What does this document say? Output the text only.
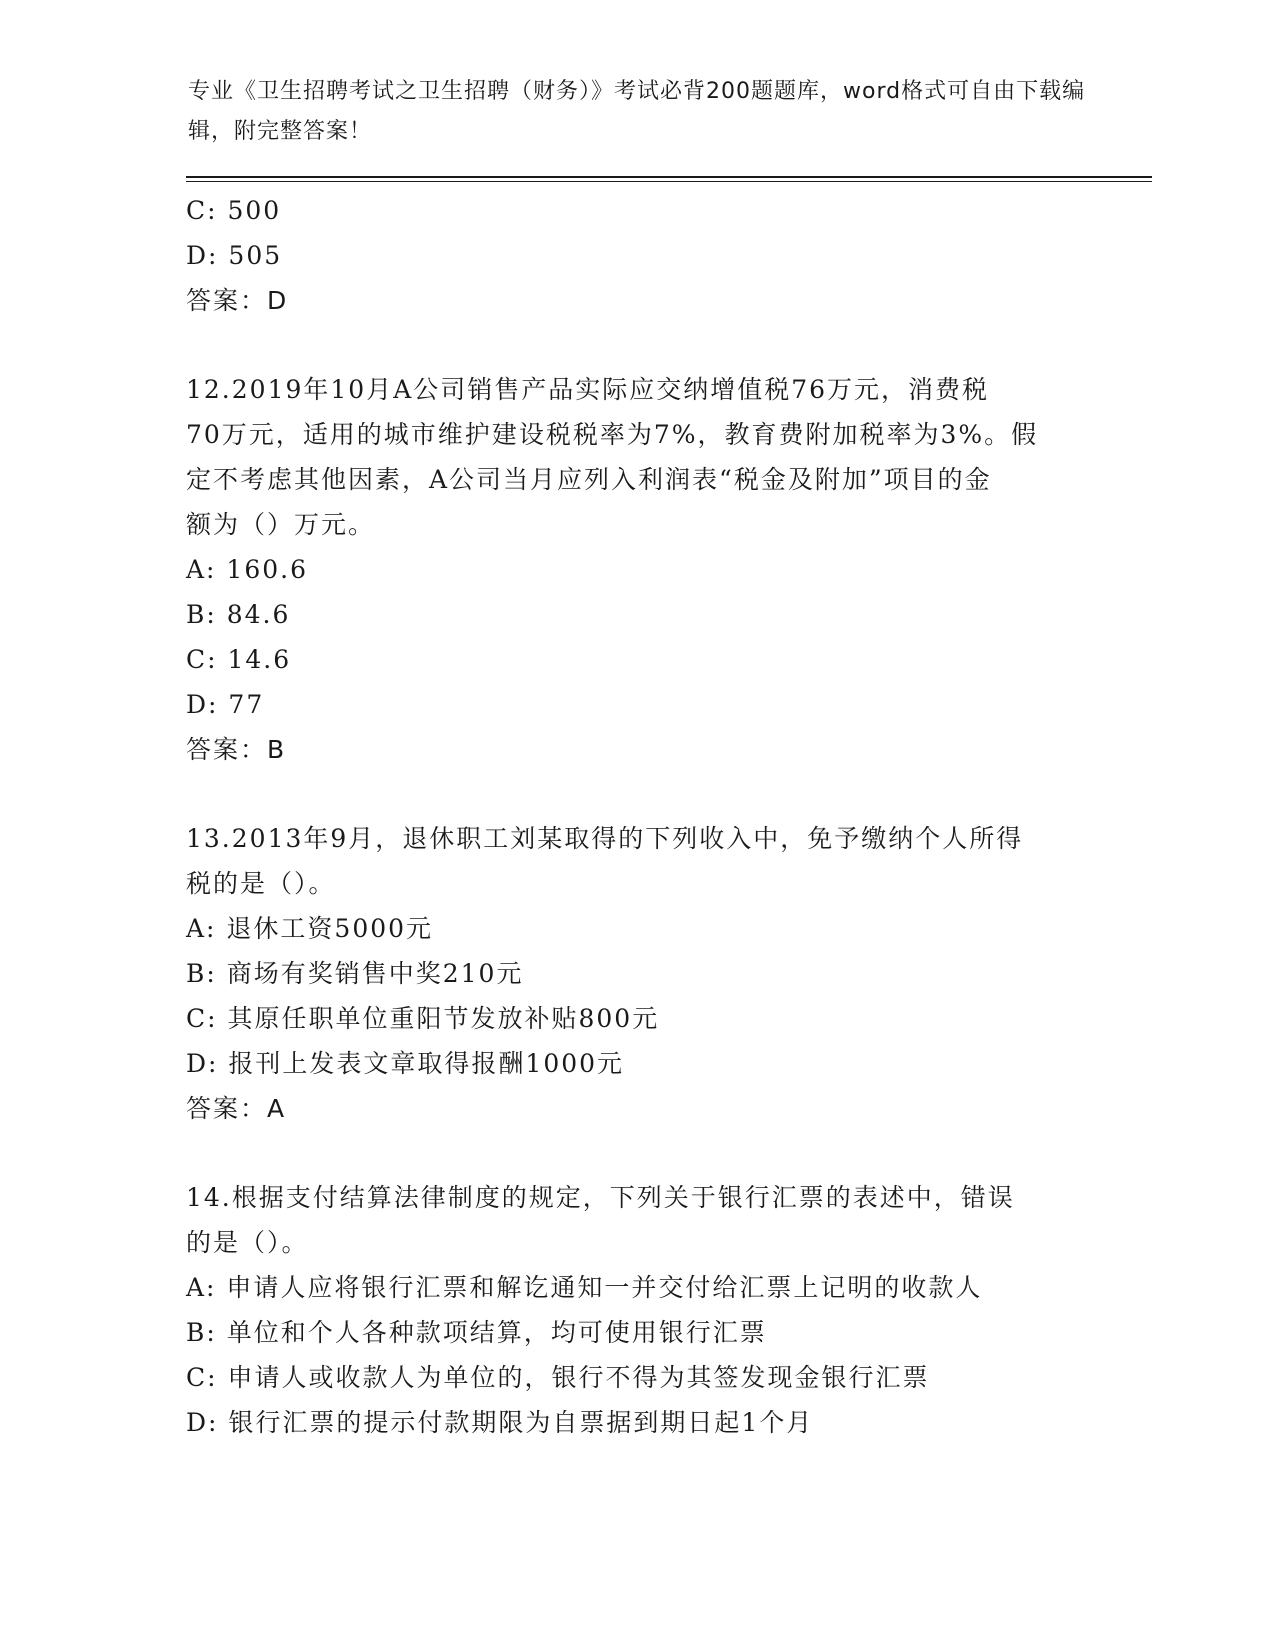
专业《卫生招聘考试之卫生招聘（财务）》考试必背200题题库，word格式可自由下载编辑，附完整答案！
C: 500
D: 505
答案：D
12.2019年10月A公司销售产品实际应交纳增值税76万元，消费税
70万元，适用的城市维护建设税税率为7%，教育费附加税率为3%。假
定不考虑其他因素，A公司当月应列入利润表“税金及附加”项目的金
额为（）万元。
A: 160.6
B: 84.6
C: 14.6
D: 77
答案：B
13.2013年9月，退休职工刘某取得的下列收入中，免予缴纳个人所得
税的是（）。
A: 退休工资5000元
B: 商场有奖销售中奖210元
C: 其原任职单位重阳节发放补贴800元
D: 报刊上发表文章取得报酬1000元
答案：A
14.根据支付结算法律制度的规定，下列关于银行汇票的表述中，错误
的是（）。
A: 申请人应将银行汇票和解讫通知一并交付给汇票上记明的收款人
B: 单位和个人各种款项结算，均可使用银行汇票
C: 申请人或收款人为单位的，银行不得为其签发现金银行汇票
D: 银行汇票的提示付款期限为自票据到期日起1个月
